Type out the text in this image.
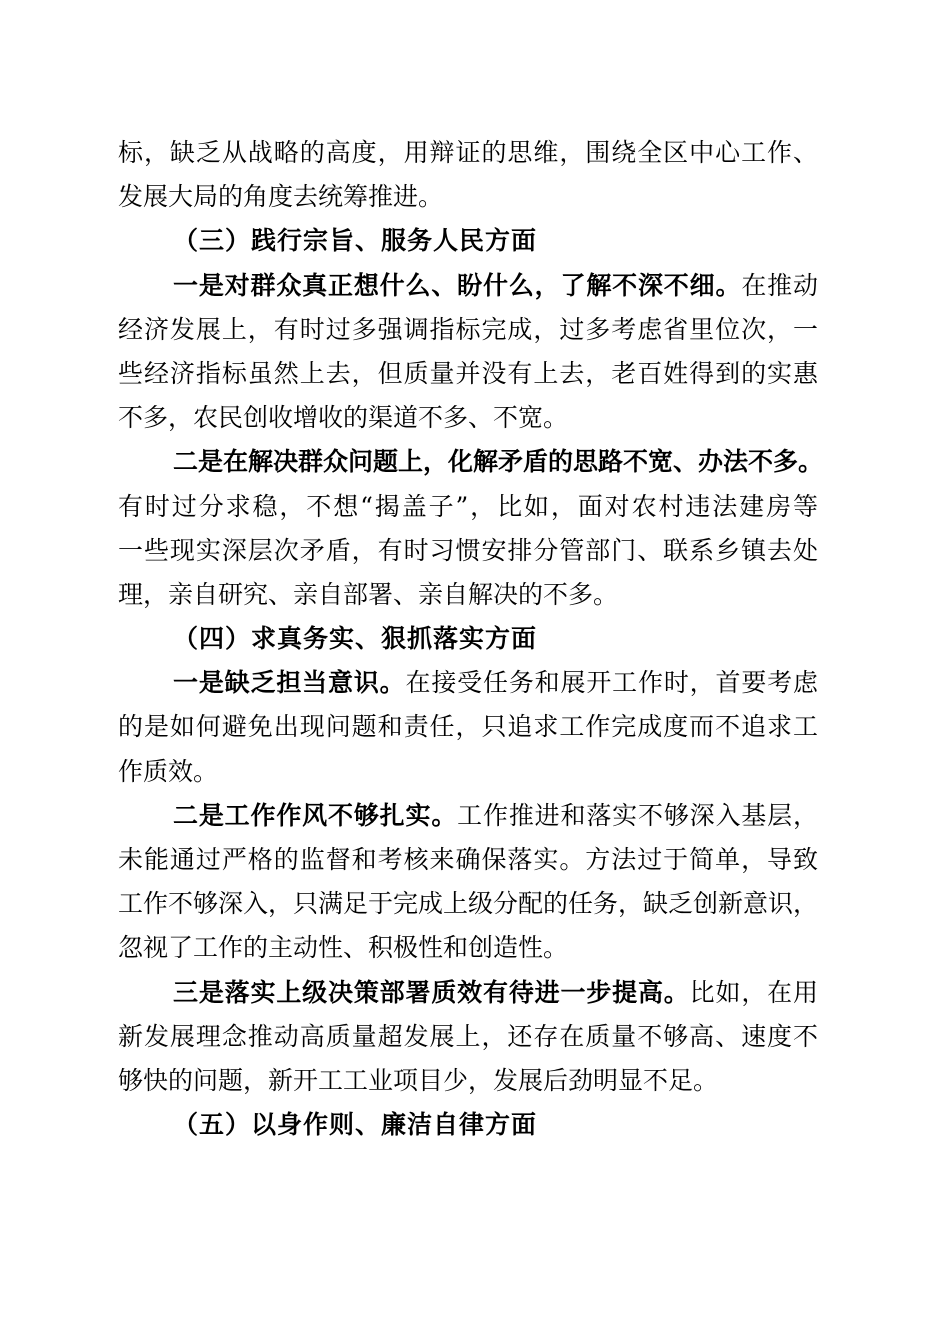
标，缺乏从战略的高度，用辩证的思维，围绕全区中心工作、
发展大局的角度去统筹推进。
（三）践行宗旨、服务人民方面
一是对群众真正想什么、盼什么，了解不深不细。在推动
经济发展上，有时过多强调指标完成，过多考虑省里位次，一
些经济指标虽然上去，但质量并没有上去，老百姓得到的实惠
不多，农民创收增收的渠道不多、不宽。
二是在解决群众问题上，化解矛盾的思路不宽、办法不多。
有时过分求稳，不想“揭盖子”，比如，面对农村违法建房等
一些现实深层次矛盾，有时习惯安排分管部门、联系乡镇去处
理，亲自研究、亲自部署、亲自解决的不多。
（四）求真务实、狠抓落实方面
一是缺乏担当意识。在接受任务和展开工作时，首要考虑
的是如何避免出现问题和责任，只追求工作完成度而不追求工
作质效。
二是工作作风不够扎实。工作推进和落实不够深入基层，
未能通过严格的监督和考核来确保落实。方法过于简单，导致
工作不够深入，只满足于完成上级分配的任务，缺乏创新意识，
忽视了工作的主动性、积极性和创造性。
三是落实上级决策部署质效有待进一步提高。比如，在用
新发展理念推动高质量超发展上，还存在质量不够高、速度不
够快的问题，新开工工业项目少，发展后劲明显不足。
（五）以身作则、廉洁自律方面
